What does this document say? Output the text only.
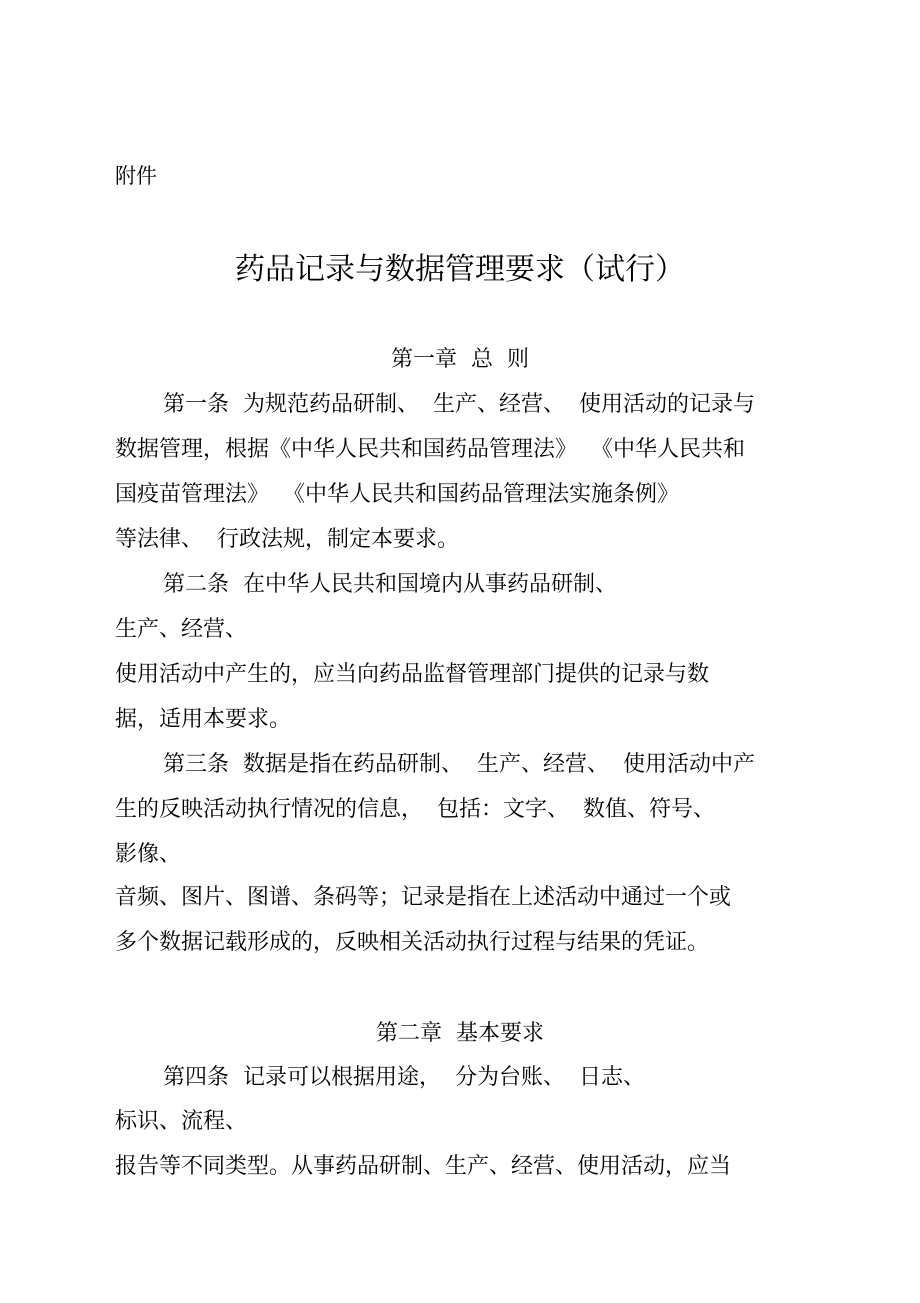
附件
药品记录与数据管理要求（试行）
第一章  总  则
第一条  为规范药品研制、  生产、经营、  使用活动的记录与
数据管理，根据《中华人民共和国药品管理法》  《中华人民共和
国疫苗管理法》  《中华人民共和国药品管理法实施条例》
等法律、  行政法规，制定本要求。
第二条  在中华人民共和国境内从事药品研制、
生产、经营、
使用活动中产生的，应当向药品监督管理部门提供的记录与数
据，适用本要求。
第三条  数据是指在药品研制、  生产、经营、  使用活动中产
生的反映活动执行情况的信息，  包括：文字、  数值、符号、
影像、
音频、图片、图谱、条码等；记录是指在上述活动中通过一个或
多个数据记载形成的，反映相关活动执行过程与结果的凭证。
第二章  基本要求
第四条  记录可以根据用途，  分为台账、  日志、
标识、流程、
报告等不同类型。从事药品研制、生产、经营、使用活动，应当
